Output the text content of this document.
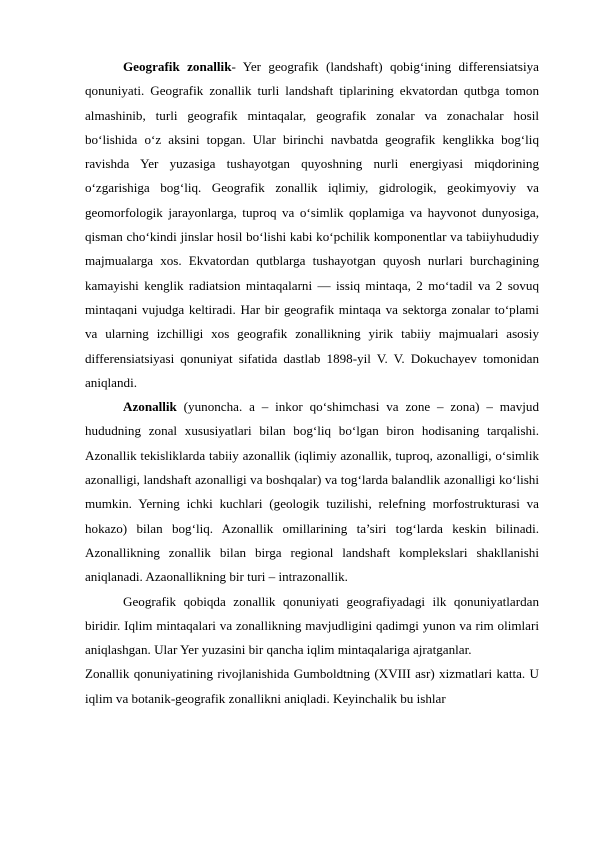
Geografik zonallik- Yer geografik (landshaft) qobigʻining differensiatsiya qonuniyati. Geografik zonallik turli landshaft tiplarining ekvatordan qutbga tomon almashinib, turli geografik mintaqalar, geografik zonalar va zonachalar hosil boʻlishida oʻz aksini topgan. Ular birinchi navbatda geografik kenglikka bogʻliq ravishda Yer yuzasiga tushayotgan quyoshning nurli energiyasi miqdorining oʻzgarishiga bogʻliq. Geografik zonallik iqlimiy, gidrologik, geokimyoviy va geomorfologik jarayonlarga, tuproq va oʻsimlik qoplamiga va hayvonot dunyosiga, qisman choʻkindi jinslar hosil boʻlishi kabi koʻpchilik komponentlar va tabiiyhududiy majmualarga xos. Ekvatordan qutblarga tushayotgan quyosh nurlari burchagining kamayishi kenglik radiatsion mintaqalarni — issiq mintaqa, 2 moʻtadil va 2 sovuq mintaqani vujudga keltiradi. Har bir geografik mintaqa va sektorga zonalar toʻplami va ularning izchilligi xos geografik zonallikning yirik tabiiy majmualari asosiy differensiatsiyasi qonuniyat sifatida dastlab 1898-yil V. V. Dokuchayev tomonidan aniqlandi.

Azonallik (yunoncha. a – inkor qoʻshimchasi va zone – zona) – mavjud hududning zonal xususiyatlari bilan bogʻliq boʻlgan biron hodisaning tarqalishi. Azonallik tekisliklarda tabiiy azonallik (iqlimiy azonallik, tuproq, azonalligi, oʻsimlik azonalligi, landshaft azonalligi va boshqalar) va togʻlarda balandlik azonalligi koʻlishi mumkin. Yerning ichki kuchlari (geologik tuzilishi, relefning morfostrukturasi va hokazo) bilan bogʻliq. Azonallik omillarining ta’siri togʻlarda keskin bilinadi. Azonallikning zonallik bilan birga regional landshaft komplekslari shakllanishi aniqlanadi. Azaonallikning bir turi – intrazonallik.

Geografik qobiqda zonallik qonuniyati geografiyadagi ilk qonuniyatlardan biridir. Iqlim mintaqalari va zonallikning mavjudligini qadimgi yunon va rim olimlari aniqlashgan. Ular Yer yuzasini bir qancha iqlim mintaqalariga ajratganlar.

Zonallik qonuniyatining rivojlanishida Gumboldtning (XVIII asr) xizmatlari katta. U iqlim va botanik-geografik zonallikni aniqladi. Keyinchalik bu ishlar
